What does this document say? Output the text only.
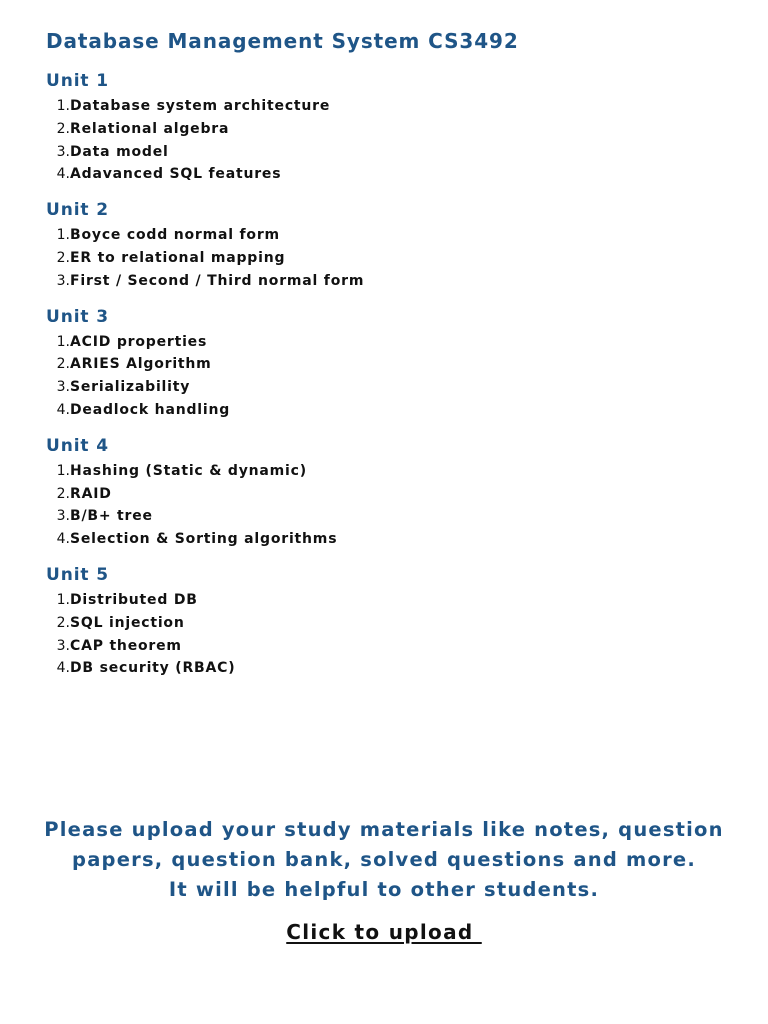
Database Management System CS3492
Unit 1
1. Database system architecture
2. Relational algebra
3. Data model
4. Adavanced SQL features
Unit 2
1. Boyce codd normal form
2. ER to relational mapping
3. First / Second / Third normal form
Unit 3
1. ACID properties
2. ARIES Algorithm
3. Serializability
4. Deadlock handling
Unit 4
1. Hashing (Static & dynamic)
2. RAID
3. B/B+ tree
4. Selection & Sorting algorithms
Unit 5
1. Distributed DB
2. SQL injection
3. CAP theorem
4. DB security (RBAC)

Please upload your study materials like notes, question
papers, question bank, solved questions and more.
It will be helpful to other students.

Click to upload
